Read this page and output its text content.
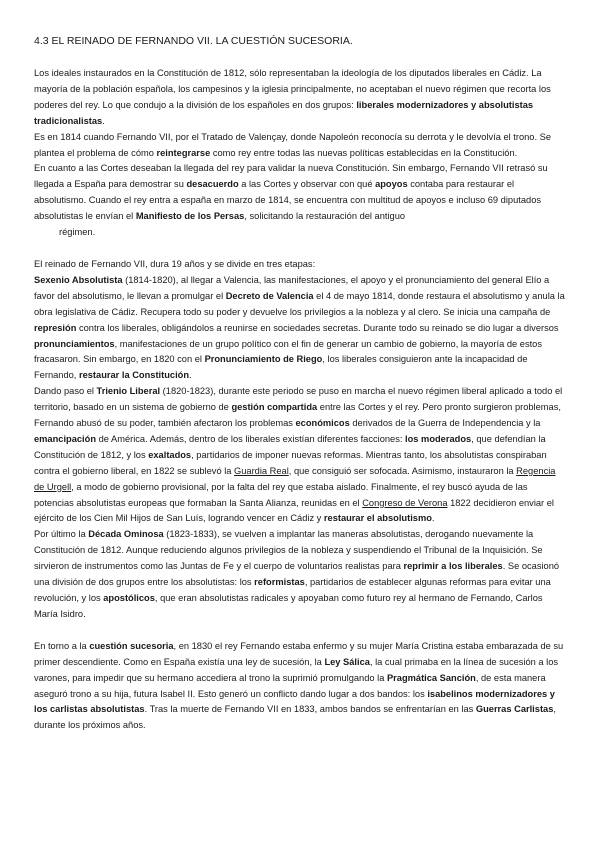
4.3 EL REINADO DE FERNANDO VII. LA CUESTIÓN SUCESORIA.

Los ideales instaurados en la Constitución de 1812, sólo representaban la ideología de los diputados liberales en Cádiz. La mayoría de la población española, los campesinos y la iglesia principalmente, no aceptaban el nuevo régimen que recorta los poderes del rey. Lo que condujo a la división de los españoles en dos grupos: liberales modernizadores y absolutistas tradicionalistas.

Es en 1814 cuando Fernando VII, por el Tratado de Valençay, donde Napoleón reconocía su derrota y le devolvía el trono. Se plantea el problema de cómo reintegrarse como rey entre todas las nuevas políticas establecidas en la Constitución.

En cuanto a las Cortes deseaban la llegada del rey para validar la nueva Constitución. Sin embargo, Fernando VII retrasó su llegada a España para demostrar su desacuerdo a las Cortes y observar con qué apoyos contaba para restaurar el absolutismo. Cuando el rey entra a españa en marzo de 1814, se encuentra con multitud de apoyos e incluso 69 diputados absolutistas le envían el Manifiesto de los Persas, solicitando la restauración del antiguo

régimen.

El reinado de Fernando VII, dura 19 años y se divide en tres etapas:

Sexenio Absolutista (1814-1820), al llegar a Valencia, las manifestaciones, el apoyo y el pronunciamiento del general Elío a favor del absolutismo, le llevan a promulgar el Decreto de Valencia el 4 de mayo 1814, donde restaura el absolutismo y anula la obra legislativa de Cádiz. Recupera todo su poder y devuelve los privilegios a la nobleza y al clero. Se inicia una campaña de represión contra los liberales, obligándolos a reunirse en sociedades secretas. Durante todo su reinado se dio lugar a diversos pronunciamientos, manifestaciones de un grupo político con el fin de generar un cambio de gobierno, la mayoría de estos fracasaron. Sin embargo, en 1820 con el Pronunciamiento de Riego, los liberales consiguieron ante la incapacidad de Fernando, restaurar la Constitución.

Dando paso el Trienio Liberal (1820-1823), durante este periodo se puso en marcha el nuevo régimen liberal aplicado a todo el territorio, basado en un sistema de gobierno de gestión compartida entre las Cortes y el rey. Pero pronto surgieron problemas, Fernando abusó de su poder, también afectaron los problemas económicos derivados de la Guerra de Independencia y la emancipación de América. Además, dentro de los liberales existían diferentes facciones: los moderados, que defendían la Constitución de 1812, y los exaltados, partidarios de imponer nuevas reformas. Mientras tanto, los absolutistas conspiraban contra el gobierno liberal, en 1822 se sublevó la Guardia Real, que consiguió ser sofocada. Asimismo, instauraron la Regencia de Urgell, a modo de gobierno provisional, por la falta del rey que estaba aislado. Finalmente, el rey buscó ayuda de las potencias absolutistas europeas que formaban la Santa Alianza, reunidas en el Congreso de Verona 1822 decidieron enviar el ejército de los Cien Mil Hijos de San Luís, logrando vencer en Cádiz y restaurar el absolutismo.

Por último la Década Ominosa (1823-1833), se vuelven a implantar las maneras absolutistas, derogando nuevamente la Constitución de 1812. Aunque reduciendo algunos privilegios de la nobleza y suspendiendo el Tribunal de la Inquisición. Se sirvieron de instrumentos como las Juntas de Fe y el cuerpo de voluntarios realistas para reprimir a los liberales. Se ocasionó una división de dos grupos entre los absolutistas: los reformistas, partidarios de establecer algunas reformas para evitar una revolución, y los apostólicos, que eran absolutistas radicales y apoyaban como futuro rey al hermano de Fernando, Carlos María Isidro.

En torno a la cuestión sucesoria, en 1830 el rey Fernando estaba enfermo y su mujer María Cristina estaba embarazada de su primer descendiente. Como en España existía una ley de sucesión, la Ley Sálica, la cual primaba en la línea de sucesión a los varones, para impedir que su hermano accediera al trono la suprimió promulgando la Pragmática Sanción, de esta manera aseguró trono a su hija, futura Isabel II. Esto generó un conflicto dando lugar a dos bandos: los isabelinos modernizadores y los carlistas absolutistas. Tras la muerte de Fernando VII en 1833, ambos bandos se enfrentarían en las Guerras Carlistas, durante los próximos años.
